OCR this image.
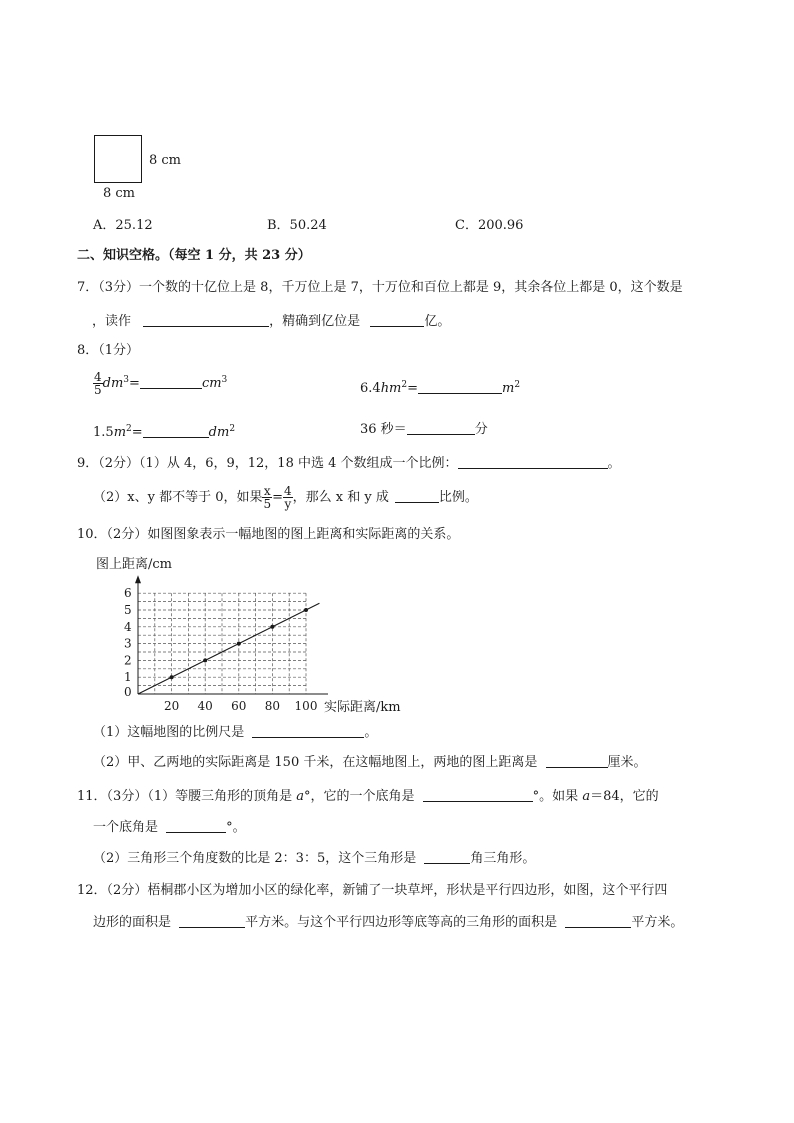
8 cm
8 cm
A．25.12	B．50.24	C．200.96
二、知识空格。（每空 1 分，共 23 分）
7．（3分）一个数的十亿位上是 8，千万位上是 7，十万位和百位上都是 9，其余各位上都是 0，这个数是
，读作	，精确到亿位是	亿。
8．（1分）
$\frac{4}{5} dm^3=$	$cm^3$
$6.4hm^2=$	$m^2$
$1.5m^2=$	$dm^2$	36 秒＝	分
9．（2分）（1）从 4，6，9，12，18 中选 4 个数组成一个比例：	。
（2）x、y 都不等于 0，如果 $\frac{x}{5} = \frac{4}{y}$ ，那么 x 和 y 成	比例。
10．（2分）如图图象表示一幅地图的图上距离和实际距离的关系。
1
2
3
4
5
6
0
20 40 60 80 100
图上距离/cm
实际距离/km
（1）这幅地图的比例尺是	。
（2）甲、乙两地的实际距离是 150 千米，在这幅地图上，两地的图上距离是	厘米。
11．（3分）（1）等腰三角形的顶角是 a°，它的一个底角是	°。如果 a＝84，它的
一个底角是	°。
（2）三角形三个角度数的比是 2：3：5，这个三角形是	角三角形。
12．（2分）梧桐郡小区为增加小区的绿化率，新铺了一块草坪，形状是平行四边形，如图，这个平行四
边形的面积是	平方米。与这个平行四边形等底等高的三角形的面积是	平方米。
